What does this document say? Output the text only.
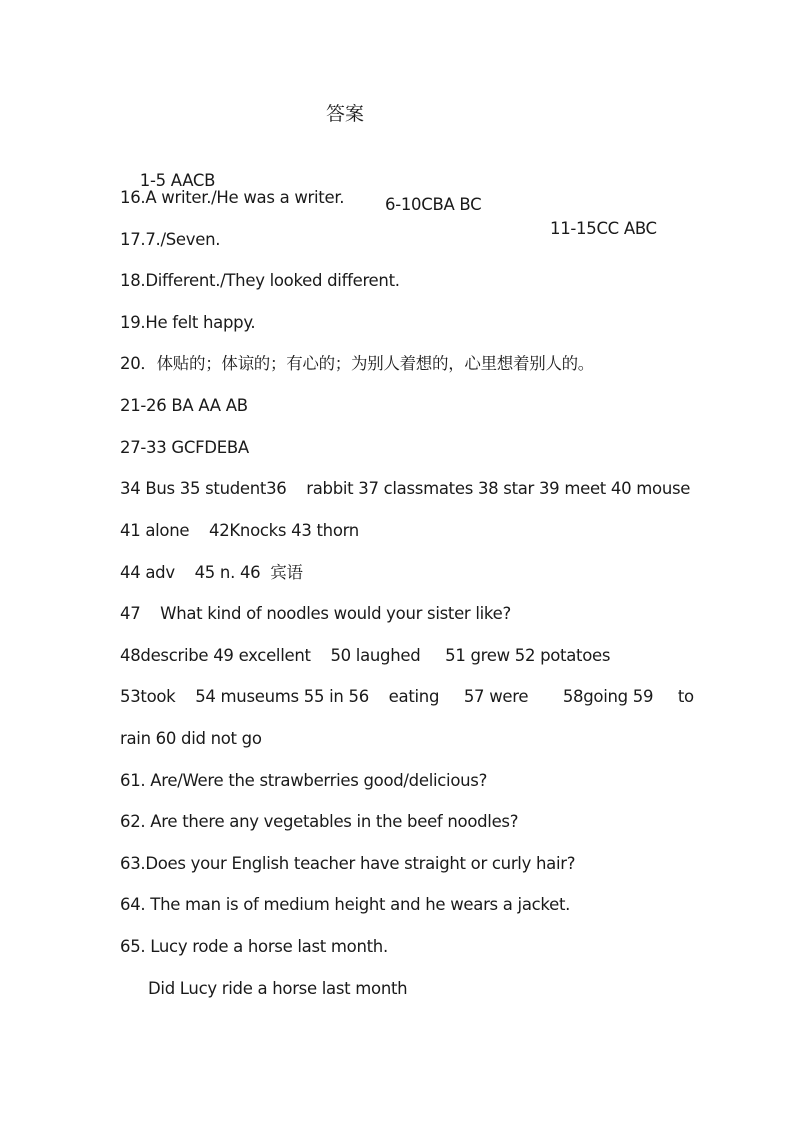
答案

1-5 AACB

6-10CBA BC

11-15CC ABC

16.A writer./He was a writer.
17.7./Seven.
18.Different./They looked different.
19.He felt happy.
20．体贴的；体谅的；有心的；为别人着想的，心里想着别人的。
21-26 BA AA AB
27-33 GCFDEBA
34 Bus 35 student36    rabbit 37 classmates 38 star 39 meet 40 mouse
41 alone    42Knocks 43 thorn
44 adv    45 n. 46  宾语
47    What kind of noodles would your sister like?
48describe 49 excellent    50 laughed     51 grew 52 potatoes
53took    54 museums 55 in 56    eating     57 were       58going 59     to
rain 60 did not go
61. Are/Were the strawberries good/delicious?
62. Are there any vegetables in the beef noodles?
63.Does your English teacher have straight or curly hair?
64. The man is of medium height and he wears a jacket.
65. Lucy rode a horse last month.
Did Lucy ride a horse last month
